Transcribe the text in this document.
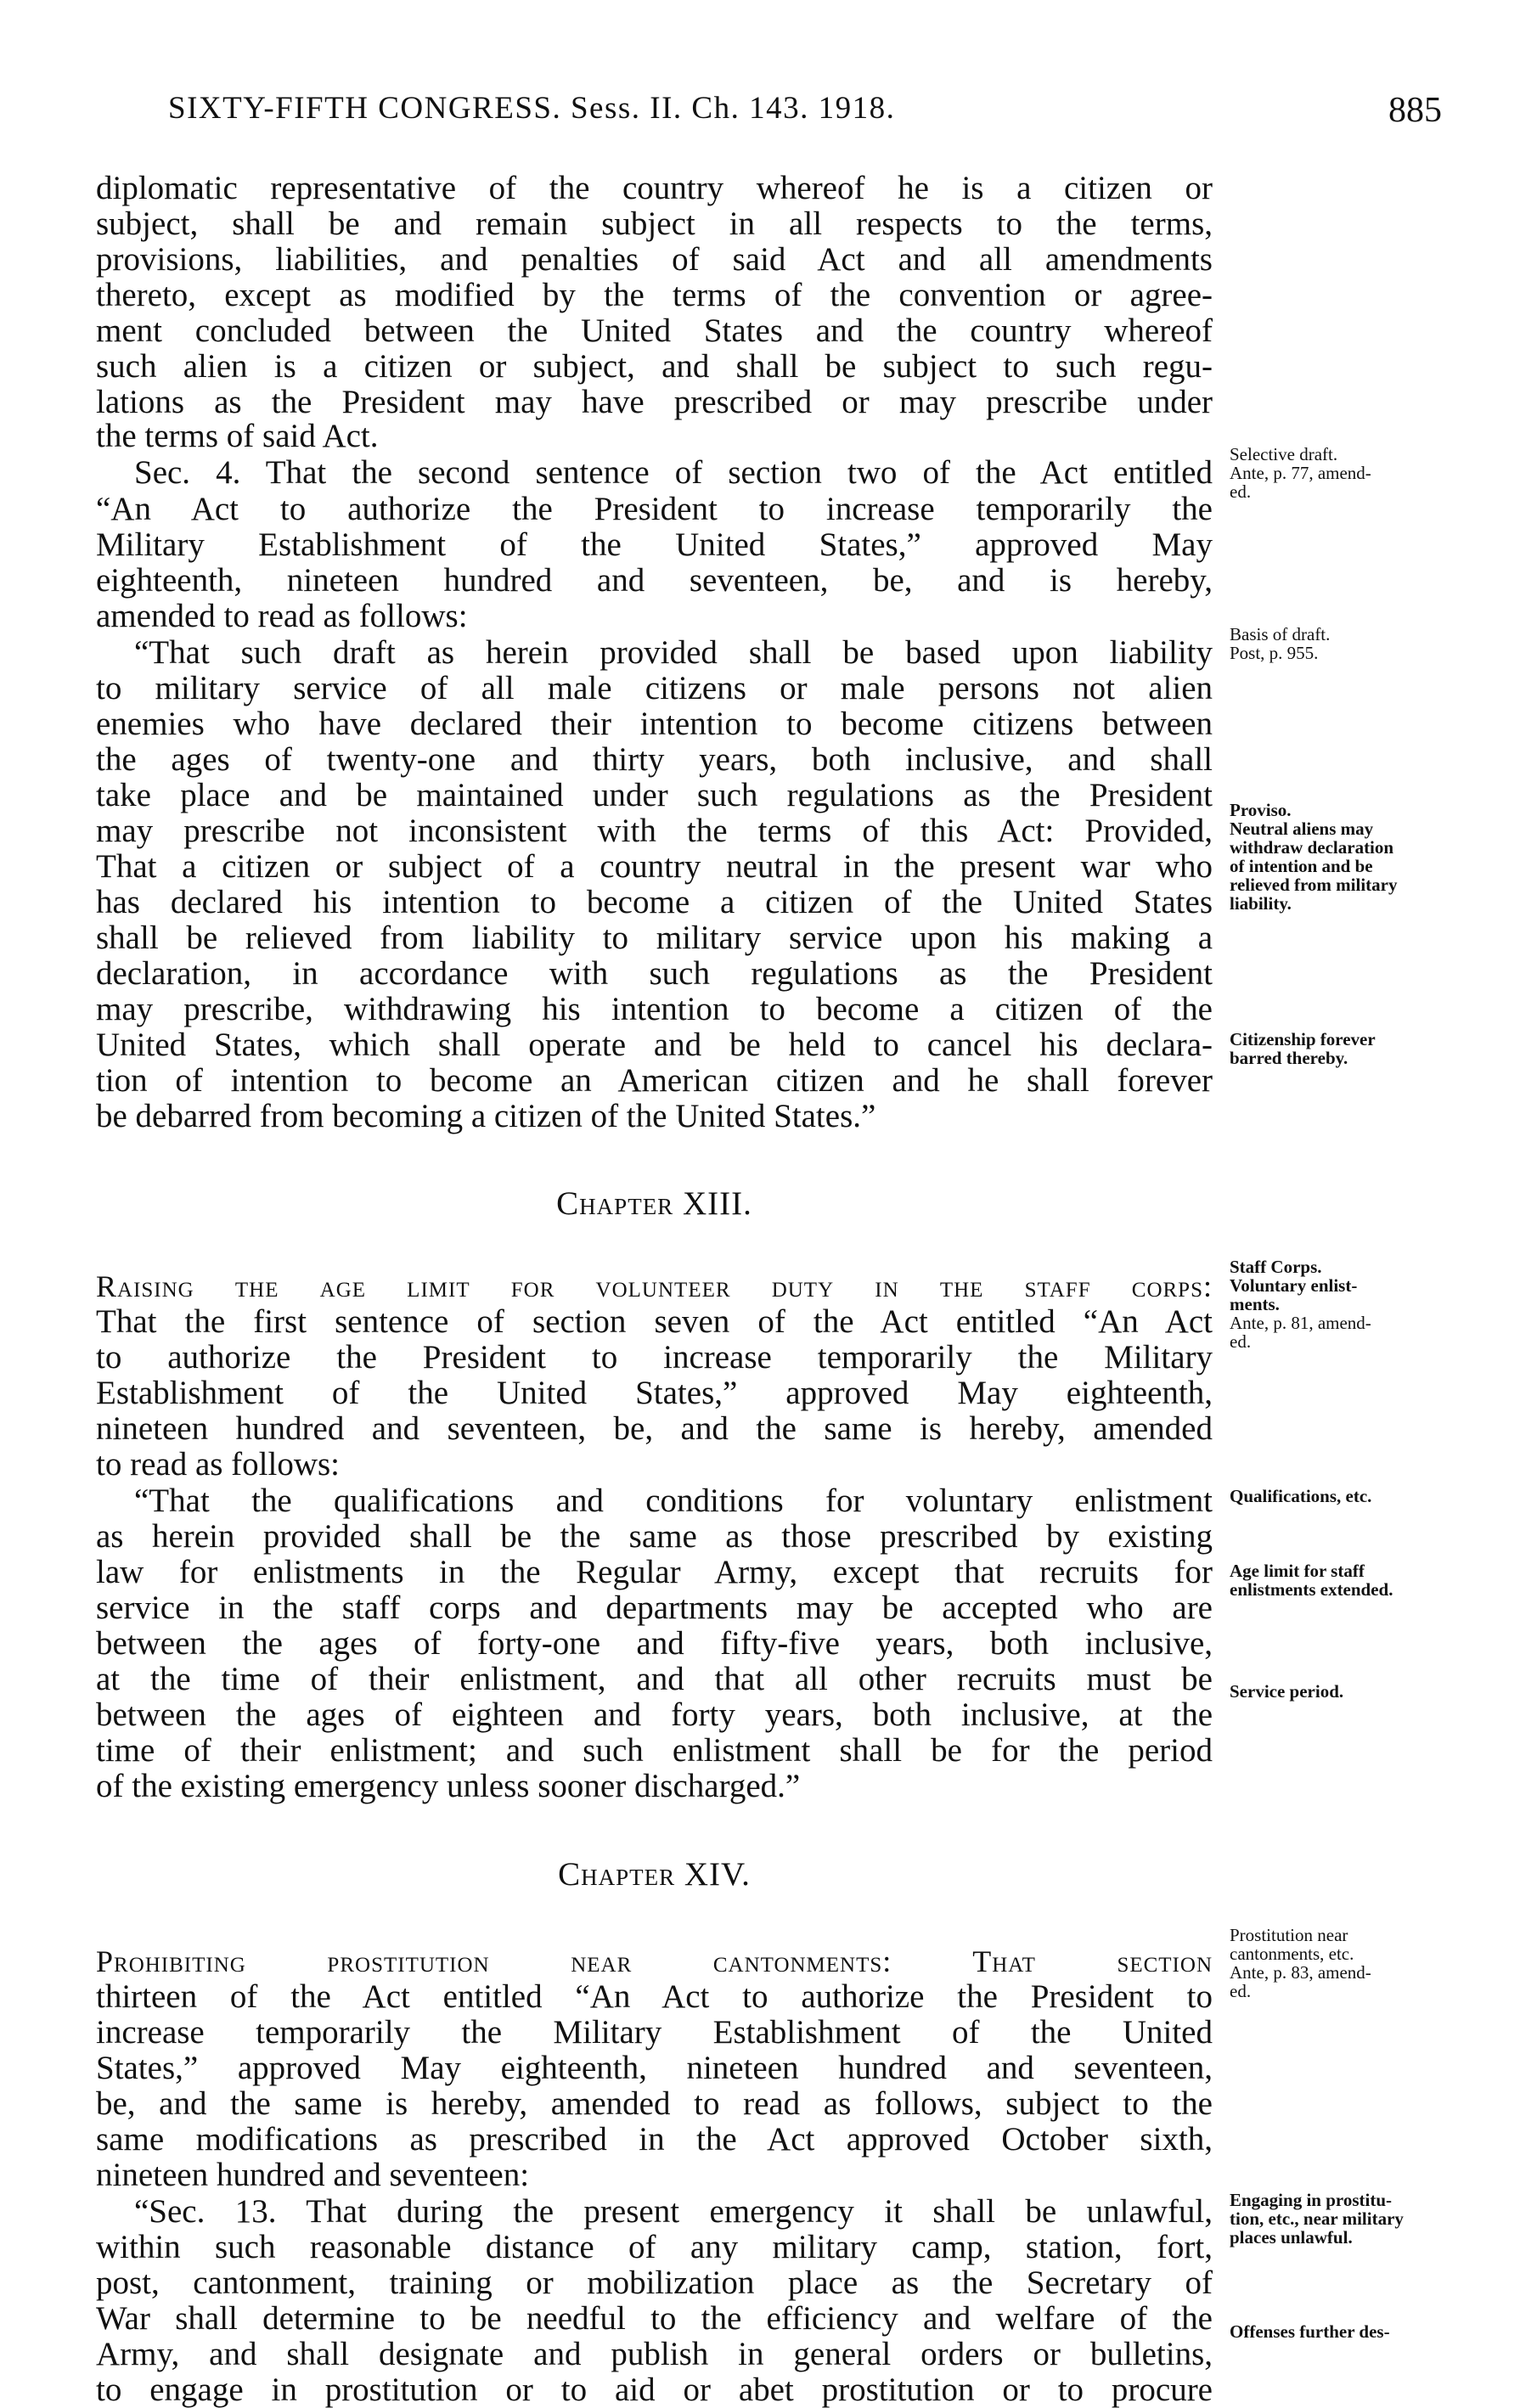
SIXTY-FIFTH CONGRESS. Sess. II. Ch. 143. 1918.	885
diplomatic representative of the country whereof he is a citizen or
subject, shall be and remain subject in all respects to the terms,
provisions, liabilities, and penalties of said Act and all amendments
thereto, except as modified by the terms of the convention or agree-
ment concluded between the United States and the country whereof
such alien is a citizen or subject, and shall be subject to such regu-
lations as the President may have prescribed or may prescribe under
the terms of said Act.
Sec. 4. That the second sentence of section two of the Act entitled
“An Act to authorize the President to increase temporarily the
Military Establishment of the United States,” approved May
eighteenth, nineteen hundred and seventeen, be, and is hereby,
amended to read as follows:
“That such draft as herein provided shall be based upon liability
to military service of all male citizens or male persons not alien
enemies who have declared their intention to become citizens between
the ages of twenty-one and thirty years, both inclusive, and shall
take place and be maintained under such regulations as the President
may prescribe not inconsistent with the terms of this Act: Provided,
That a citizen or subject of a country neutral in the present war who
has declared his intention to become a citizen of the United States
shall be relieved from liability to military service upon his making a
declaration, in accordance with such regulations as the President
may prescribe, withdrawing his intention to become a citizen of the
United States, which shall operate and be held to cancel his declara-
tion of intention to become an American citizen and he shall forever
be debarred from becoming a citizen of the United States.”
Chapter XIII.
Raising the age limit for volunteer duty in the staff corps:
That the first sentence of section seven of the Act entitled “An Act
to authorize the President to increase temporarily the Military
Establishment of the United States,” approved May eighteenth,
nineteen hundred and seventeen, be, and the same is hereby, amended
to read as follows:
“That the qualifications and conditions for voluntary enlistment
as herein provided shall be the same as those prescribed by existing
law for enlistments in the Regular Army, except that recruits for
service in the staff corps and departments may be accepted who are
between the ages of forty-one and fifty-five years, both inclusive,
at the time of their enlistment, and that all other recruits must be
between the ages of eighteen and forty years, both inclusive, at the
time of their enlistment; and such enlistment shall be for the period
of the existing emergency unless sooner discharged.”
Chapter XIV.
Prohibiting prostitution near cantonments: That section
thirteen of the Act entitled “An Act to authorize the President to
increase temporarily the Military Establishment of the United
States,” approved May eighteenth, nineteen hundred and seventeen,
be, and the same is hereby, amended to read as follows, subject to the
same modifications as prescribed in the Act approved October sixth,
nineteen hundred and seventeen:
“Sec. 13. That during the present emergency it shall be unlawful,
within such reasonable distance of any military camp, station, fort,
post, cantonment, training or mobilization place as the Secretary of
War shall determine to be needful to the efficiency and welfare of the
Army, and shall designate and publish in general orders or bulletins,
to engage in prostitution or to aid or abet prostitution or to procure
Selective draft.
Ante, p. 77, amend-
ed.
Basis of draft.
Post, p. 955.
Proviso.
Neutral aliens may
withdraw declaration
of intention and be
relieved from military
liability.
Citizenship forever
barred thereby.
Staff Corps.
Voluntary enlist-
ments.
Ante, p. 81, amend-
ed.
Qualifications, etc.
Age limit for staff
enlistments extended.
Service period.
Prostitution near
cantonments, etc.
Ante, p. 83, amend-
ed.
Engaging in prostitu-
tion, etc., near military
places unlawful.
Offenses further des-
